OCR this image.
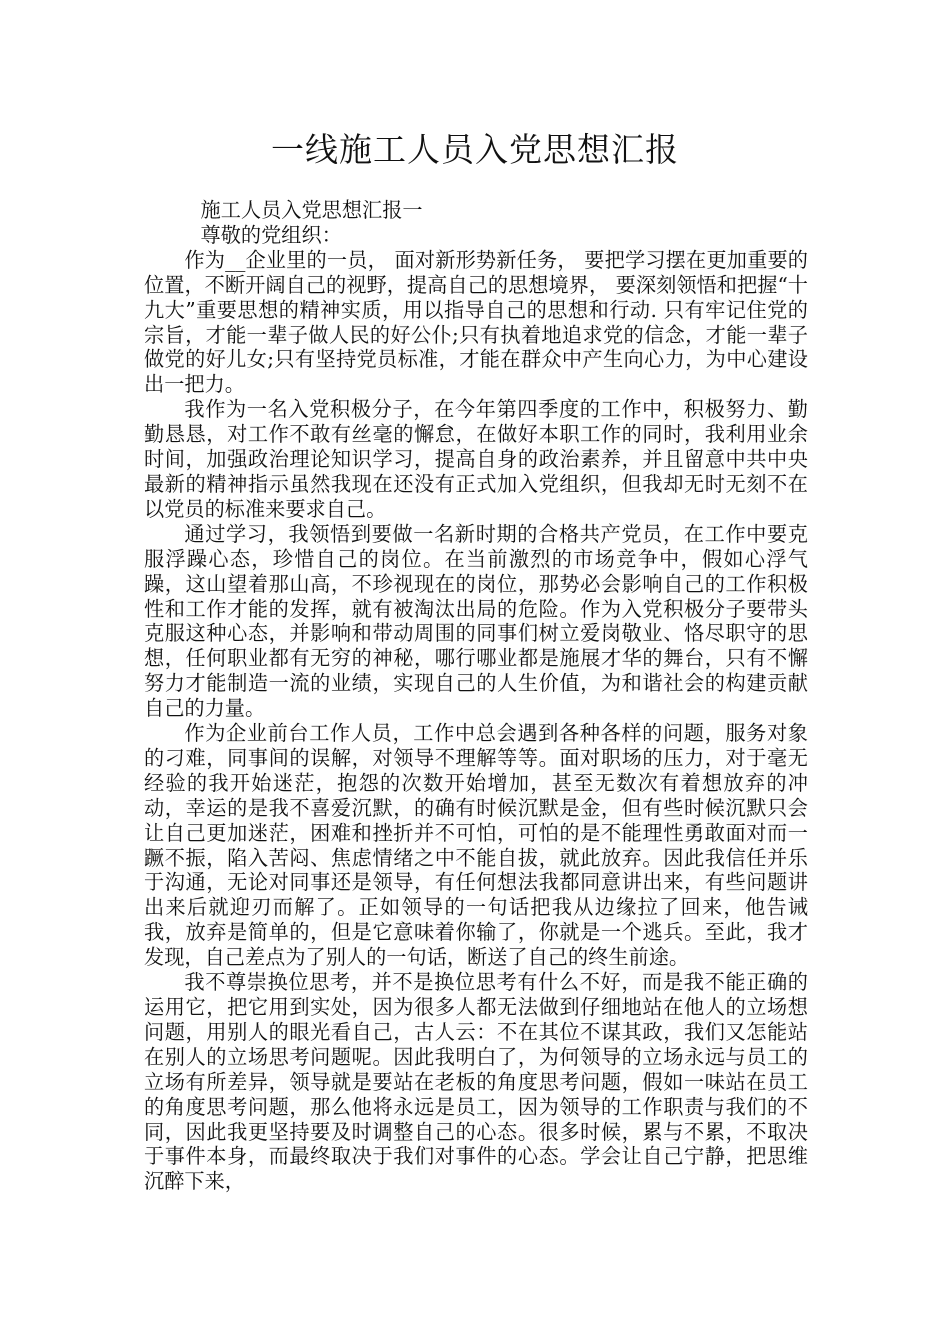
一线施工人员入党思想汇报

施工人员入党思想汇报一

尊敬的党组织：

作为__企业里的一员， 面对新形势新任务， 要把学习摆在更加重要的位置，不断开阔自己的视野，提高自己的思想境界， 要深刻领悟和把握“十九大”重要思想的精神实质，用以指导自己的思想和行动. 只有牢记住党的宗旨，才能一辈子做人民的好公仆;只有执着地追求党的信念，才能一辈子做党的好儿女;只有坚持党员标准，才能在群众中产生向心力，为中心建设出一把力。

我作为一名入党积极分子，在今年第四季度的工作中，积极努力、勤勤恳恳，对工作不敢有丝毫的懈怠，在做好本职工作的同时，我利用业余时间，加强政治理论知识学习，提高自身的政治素养，并且留意中共中央最新的精神指示虽然我现在还没有正式加入党组织，但我却无时无刻不在以党员的标准来要求自己。

通过学习，我领悟到要做一名新时期的合格共产党员，在工作中要克服浮躁心态，珍惜自己的岗位。在当前激烈的市场竞争中，假如心浮气躁，这山望着那山高，不珍视现在的岗位，那势必会影响自己的工作积极性和工作才能的发挥，就有被淘汰出局的危险。作为入党积极分子要带头克服这种心态，并影响和带动周围的同事们树立爱岗敬业、恪尽职守的思想，任何职业都有无穷的神秘，哪行哪业都是施展才华的舞台，只有不懈努力才能制造一流的业绩，实现自己的人生价值，为和谐社会的构建贡献自己的力量。

作为企业前台工作人员，工作中总会遇到各种各样的问题，服务对象的刁难，同事间的误解，对领导不理解等等。面对职场的压力，对于毫无经验的我开始迷茫，抱怨的次数开始增加，甚至无数次有着想放弃的冲动，幸运的是我不喜爱沉默，的确有时候沉默是金，但有些时候沉默只会让自己更加迷茫，困难和挫折并不可怕，可怕的是不能理性勇敢面对而一蹶不振，陷入苦闷、焦虑情绪之中不能自拔，就此放弃。因此我信任并乐于沟通，无论对同事还是领导，有任何想法我都同意讲出来，有些问题讲出来后就迎刃而解了。正如领导的一句话把我从边缘拉了回来，他告诫我，放弃是简单的，但是它意味着你输了，你就是一个逃兵。至此，我才发现，自己差点为了别人的一句话，断送了自己的终生前途。

我不尊崇换位思考，并不是换位思考有什么不好，而是我不能正确的运用它，把它用到实处，因为很多人都无法做到仔细地站在他人的立场想问题，用别人的眼光看自己，古人云：不在其位不谋其政，我们又怎能站在别人的立场思考问题呢。因此我明白了，为何领导的立场永远与员工的立场有所差异，领导就是要站在老板的角度思考问题，假如一味站在员工的角度思考问题，那么他将永远是员工，因为领导的工作职责与我们的不同，因此我更坚持要及时调整自己的心态。很多时候，累与不累，不取决于事件本身，而最终取决于我们对事件的心态。学会让自己宁静，把思维沉醉下来，
